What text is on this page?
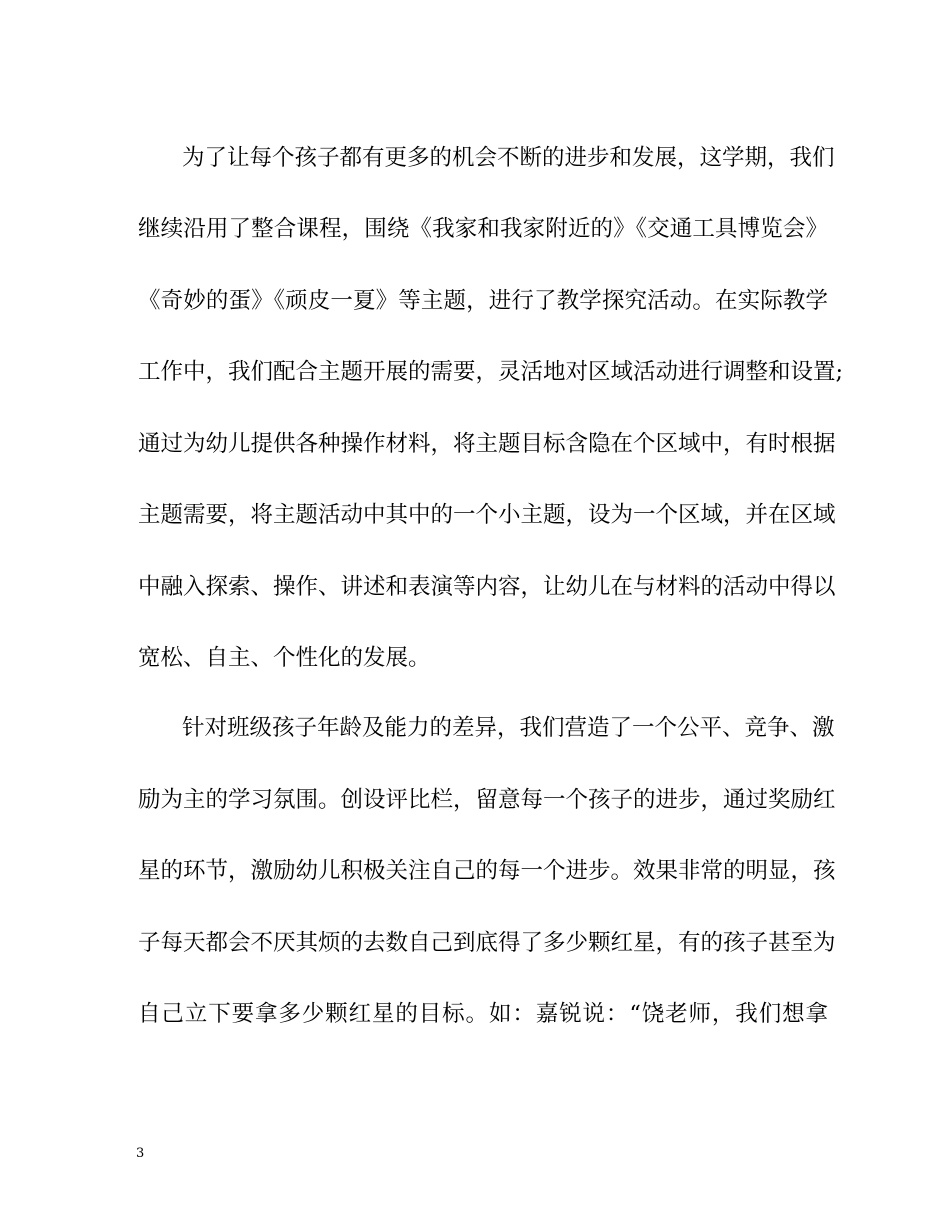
为了让每个孩子都有更多的机会不断的进步和发展，这学期，我们
继续沿用了整合课程，围绕《我家和我家附近的》《交通工具博览会》
《奇妙的蛋》《顽皮一夏》等主题，进行了教学探究活动。在实际教学
工作中，我们配合主题开展的需要，灵活地对区域活动进行调整和设置;
通过为幼儿提供各种操作材料，将主题目标含隐在个区域中，有时根据
主题需要，将主题活动中其中的一个小主题，设为一个区域，并在区域
中融入探索、操作、讲述和表演等内容，让幼儿在与材料的活动中得以
宽松、自主、个性化的发展。
针对班级孩子年龄及能力的差异，我们营造了一个公平、竞争、激
励为主的学习氛围。创设评比栏，留意每一个孩子的进步，通过奖励红
星的环节，激励幼儿积极关注自己的每一个进步。效果非常的明显，孩
子每天都会不厌其烦的去数自己到底得了多少颗红星，有的孩子甚至为
自己立下要拿多少颗红星的目标。如：嘉锐说：“饶老师，我们想拿
3
